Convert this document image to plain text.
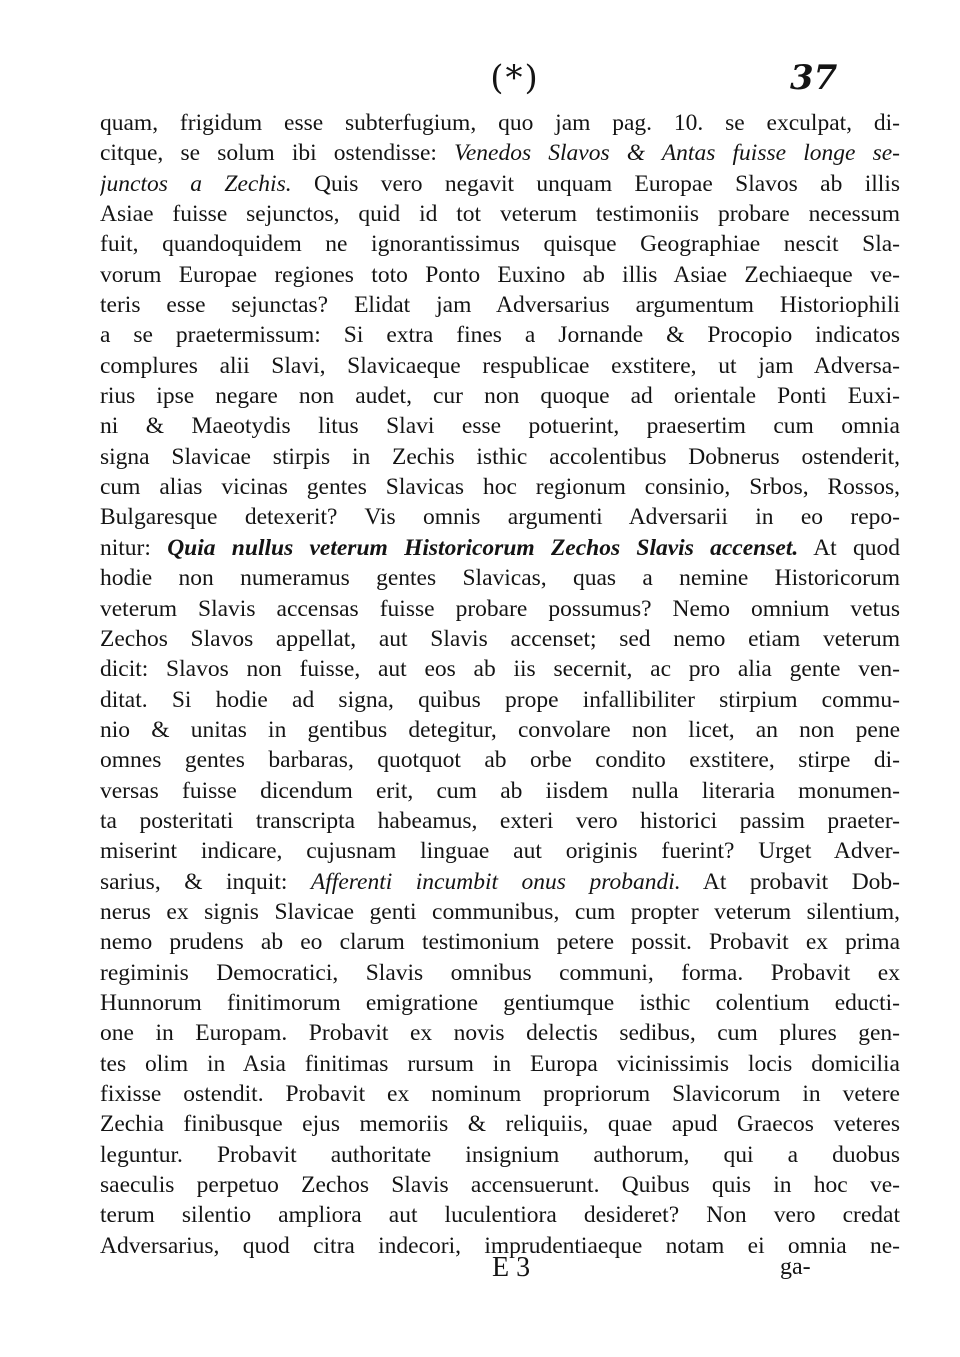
(*)	37
quam, frigidum esse subterfugium, quo jam pag. 10. se exculpat, di-
citque, se solum ibi ostendisse: Venedos Slavos & Antas fuisse longe se-
junctos a Zechis. Quis vero negavit unquam Europae Slavos ab illis
Asiae fuisse sejunctos, quid id tot veterum testimoniis probare necessum
fuit, quandoquidem ne ignorantissimus quisque Geographiae nescit Sla-
vorum Europae regiones toto Ponto Euxino ab illis Asiae Zechiaeque ve-
teris esse sejunctas? Elidat jam Adversarius argumentum Historiophili
a se praetermissum: Si extra fines a Jornande & Procopio indicatos
complures alii Slavi, Slavicaeque respublicae exstitere, ut jam Adversa-
rius ipse negare non audet, cur non quoque ad orientale Ponti Euxi-
ni & Maeotydis litus Slavi esse potuerint, praesertim cum omnia
signa Slavicae stirpis in Zechis isthic accolentibus Dobnerus ostenderit,
cum alias vicinas gentes Slavicas hoc regionum consinio, Srbos, Rossos,
Bulgaresque detexerit? Vis omnis argumenti Adversarii in eo repo-
nitur: Quia nullus veterum Historicorum Zechos Slavis accenset. At quod
hodie non numeramus gentes Slavicas, quas a nemine Historicorum
veterum Slavis accensas fuisse probare possumus? Nemo omnium vetus
Zechos Slavos appellat, aut Slavis accenset; sed nemo etiam veterum
dicit: Slavos non fuisse, aut eos ab iis secernit, ac pro alia gente ven-
ditat. Si hodie ad signa, quibus prope infallibiliter stirpium commu-
nio & unitas in gentibus detegitur, convolare non licet, an non pene
omnes gentes barbaras, quotquot ab orbe condito exstitere, stirpe di-
versas fuisse dicendum erit, cum ab iisdem nulla literaria monumen-
ta posteritati transcripta habeamus, exteri vero historici passim praeter-
miserint indicare, cujusnam linguae aut originis fuerint? Urget Adver-
sarius, & inquit: Afferenti incumbit onus probandi. At probavit Dob-
nerus ex signis Slavicae genti communibus, cum propter veterum silentium,
nemo prudens ab eo clarum testimonium petere possit. Probavit ex prima
regiminis Democratici, Slavis omnibus communi, forma. Probavit ex
Hunnorum finitimorum emigratione gentiumque isthic colentium educti-
one in Europam. Probavit ex novis delectis sedibus, cum plures gen-
tes olim in Asia finitimas rursum in Europa vicinissimis locis domicilia
fixisse ostendit. Probavit ex nominum propriorum Slavicorum in vetere
Zechia finibusque ejus memoriis & reliquiis, quae apud Graecos veteres
leguntur. Probavit authoritate insignium authorum, qui a duobus
saeculis perpetuo Zechos Slavis accensuerunt. Quibus quis in hoc ve-
terum silentio ampliora aut luculentiora desideret? Non vero credat
Adversarius, quod citra indecori, imprudentiaeque notam ei omnia ne-
E 3	ga-
